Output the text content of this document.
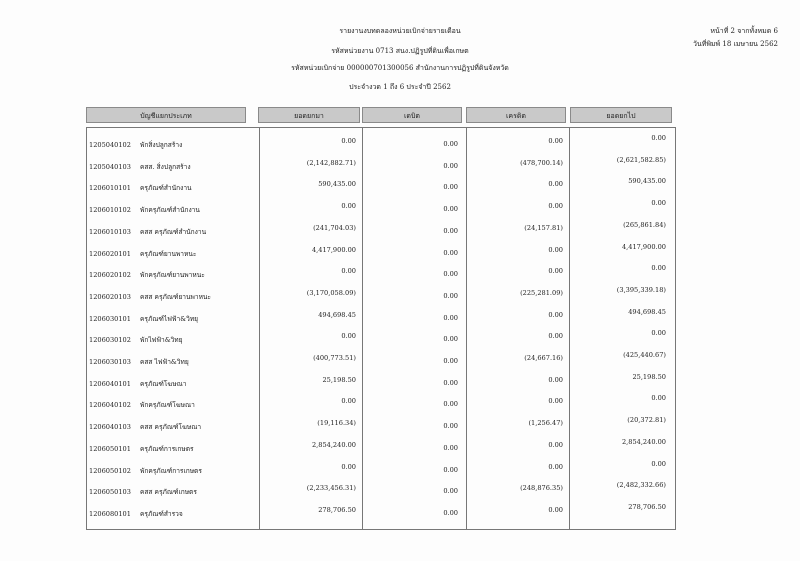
รายงานงบทดลองหน่วยเบิกจ่ายรายเดือน
รหัสหน่วยงาน 0713 สนง.ปฏิรูปที่ดินเพื่อเกษต
รหัสหน่วยเบิกจ่าย 000000701300056 สำนักงานการปฏิรูปที่ดินจังหวัด
ประจำงวด 1 ถึง 6 ประจำปี 2562
หน้าที่ 2 จากทั้งหมด 6
วันที่พิมพ์ 18 เมษายน 2562
บัญชีแยกประเภท	ยอดยกมา	เดบิต	เครดิต	ยอดยกไป
1205040102 พักสิ่งปลูกสร้าง	0.00	0.00	0.00	0.00
1205040103 คสส. สิ่งปลูกสร้าง	(2,142,882.71)	0.00	(478,700.14)	(2,621,582.85)
1206010101 ครุภัณฑ์สำนักงาน	590,435.00	0.00	0.00	590,435.00
1206010102 พักครุภัณฑ์สำนักงาน	0.00	0.00	0.00	0.00
1206010103 คสส ครุภัณฑ์สำนักงาน	(241,704.03)	0.00	(24,157.81)	(265,861.84)
1206020101 ครุภัณฑ์ยานพาหนะ	4,417,900.00	0.00	0.00	4,417,900.00
1206020102 พักครุภัณฑ์ยานพาหนะ	0.00	0.00	0.00	0.00
1206020103 คสส ครุภัณฑ์ยานพาหนะ	(3,170,058.09)	0.00	(225,281.09)	(3,395,339.18)
1206030101 ครุภัณฑ์ไฟฟ้า&วิทยุ	494,698.45	0.00	0.00	494,698.45
1206030102 พักไฟฟ้า&วิทยุ	0.00	0.00	0.00	0.00
1206030103 คสส ไฟฟ้า&วิทยุ	(400,773.51)	0.00	(24,667.16)	(425,440.67)
1206040101 ครุภัณฑ์โฆษณา	25,198.50	0.00	0.00	25,198.50
1206040102 พักครุภัณฑ์โฆษณา	0.00	0.00	0.00	0.00
1206040103 คสส ครุภัณฑ์โฆษณา	(19,116.34)	0.00	(1,256.47)	(20,372.81)
1206050101 ครุภัณฑ์การเกษตร	2,854,240.00	0.00	0.00	2,854,240.00
1206050102 พักครุภัณฑ์การเกษตร	0.00	0.00	0.00	0.00
1206050103 คสส ครุภัณฑ์เกษตร	(2,233,456.31)	0.00	(248,876.35)	(2,482,332.66)
1206080101 ครุภัณฑ์สำรวจ	278,706.50	0.00	0.00	278,706.50
